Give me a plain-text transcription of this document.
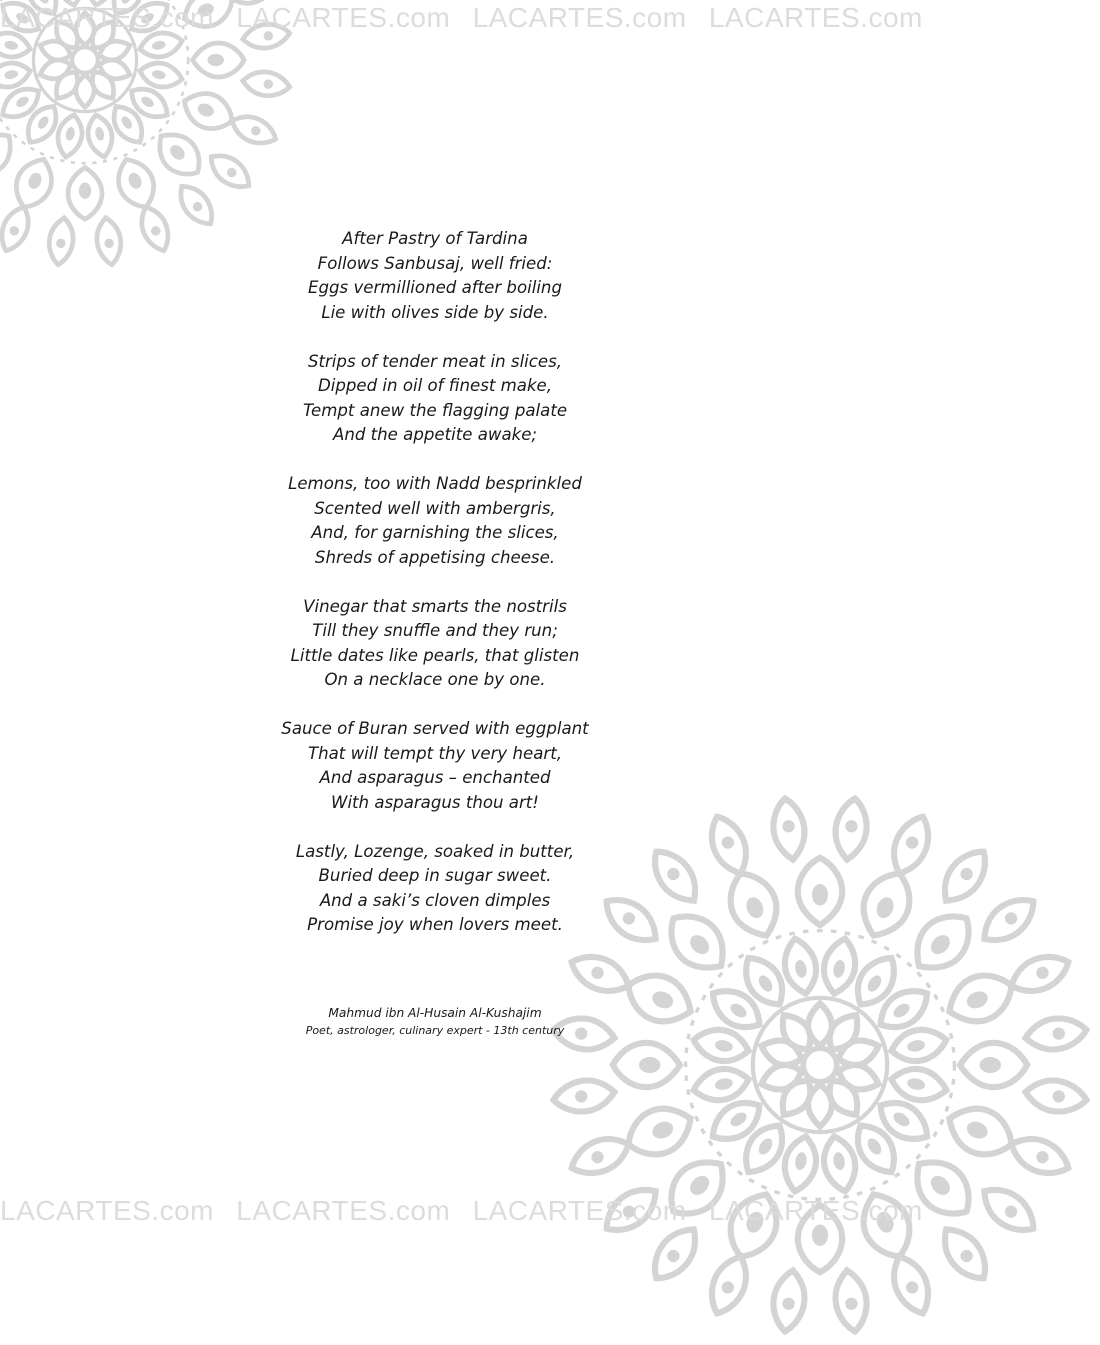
LACARTES.com LACARTES.com LACARTES.com LACARTES.com
LACARTES.com LACARTES.com LACARTES.com LACARTES.com
After Pastry of Tardina
Follows Sanbusaj, well fried:
Eggs vermillioned after boiling
Lie with olives side by side.
Strips of tender meat in slices,
Dipped in oil of finest make,
Tempt anew the flagging palate
And the appetite awake;
Lemons, too with Nadd besprinkled
Scented well with ambergris,
And, for garnishing the slices,
Shreds of appetising cheese.
Vinegar that smarts the nostrils
Till they snuffle and they run;
Little dates like pearls, that glisten
On a necklace one by one.
Sauce of Buran served with eggplant
That will tempt thy very heart,
And asparagus – enchanted
With asparagus thou art!
Lastly, Lozenge, soaked in butter,
Buried deep in sugar sweet.
And a saki’s cloven dimples
Promise joy when lovers meet.
Mahmud ibn Al-Husain Al-Kushajim
Poet, astrologer, culinary expert - 13th century
